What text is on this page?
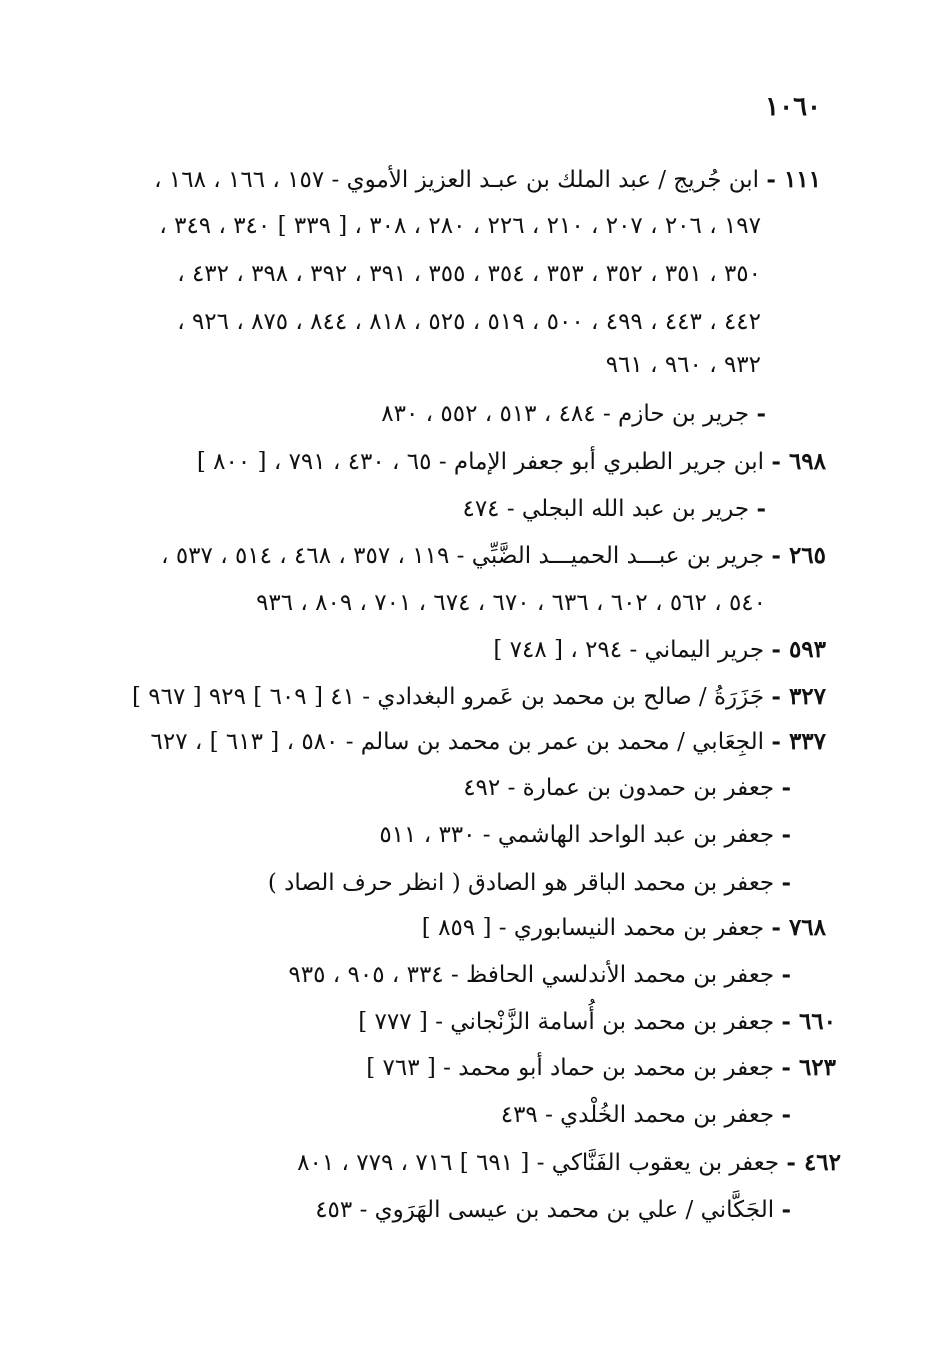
١٠٦٠
١١١ - ابن جُريج / عبد الملك بن عبـد العزيز الأموي - ١٥٧ ، ١٦٦ ، ١٦٨ ،
١٩٧ ، ٢٠٦ ، ٢٠٧ ، ٢١٠ ، ٢٢٦ ، ٢٨٠ ، ٣٠٨ ، [ ٣٣٩ ] ٣٤٠ ، ٣٤٩ ،
٣٥٠ ، ٣٥١ ، ٣٥٢ ، ٣٥٣ ، ٣٥٤ ، ٣٥٥ ، ٣٩١ ، ٣٩٢ ، ٣٩٨ ، ٤٣٢ ،
٤٤٢ ، ٤٤٣ ، ٤٩٩ ، ٥٠٠ ، ٥١٩ ، ٥٢٥ ، ٨١٨ ، ٨٤٤ ، ٨٧٥ ، ٩٢٦ ،
٩٣٢ ، ٩٦٠ ، ٩٦١
- جرير بن حازم - ٤٨٤ ، ٥١٣ ، ٥٥٢ ، ٨٣٠
٦٩٨ - ابن جرير الطبري أبو جعفر الإمام - ٦٥ ، ٤٣٠ ، ٧٩١ ، [ ٨٠٠ ]
- جرير بن عبد الله البجلي - ٤٧٤
٢٦٥ - جرير بن عبـــد الحميـــد الضَّبِّي - ١١٩ ، ٣٥٧ ، ٤٦٨ ، ٥١٤ ، ٥٣٧ ،
٥٤٠ ، ٥٦٢ ، ٦٠٢ ، ٦٣٦ ، ٦٧٠ ، ٦٧٤ ، ٧٠١ ، ٨٠٩ ، ٩٣٦
٥٩٣ - جرير اليماني - ٢٩٤ ، [ ٧٤٨ ]
٣٢٧ - جَزَرَةُ / صالح بن محمد بن عَمرو البغدادي - ٤١ [ ٦٠٩ ] ٩٢٩ [ ٩٦٧ ]
٣٣٧ - الجِعَابي / محمد بن عمر بن محمد بن سالم - ٥٨٠ ، [ ٦١٣ ] ، ٦٢٧
- جعفر بن حمدون بن عمارة - ٤٩٢
- جعفر بن عبد الواحد الهاشمي - ٣٣٠ ، ٥١١
- جعفر بن محمد الباقر هو الصادق ( انظر حرف الصاد )
٧٦٨ - جعفر بن محمد النيسابوري - [ ٨٥٩ ]
- جعفر بن محمد الأندلسي الحافظ - ٣٣٤ ، ٩٠٥ ، ٩٣٥
٦٦٠ - جعفر بن محمد بن أُسامة الزَّنْجاني - [ ٧٧٧ ]
٦٢٣ - جعفر بن محمد بن حماد أبو محمد - [ ٧٦٣ ]
- جعفر بن محمد الخُلْدي - ٤٣٩
٤٦٢ - جعفر بن يعقوب الفَنَّاكي - [ ٦٩١ ] ٧١٦ ، ٧٧٩ ، ٨٠١
- الجَكَّاني / علي بن محمد بن عيسى الهَرَوي - ٤٥٣
